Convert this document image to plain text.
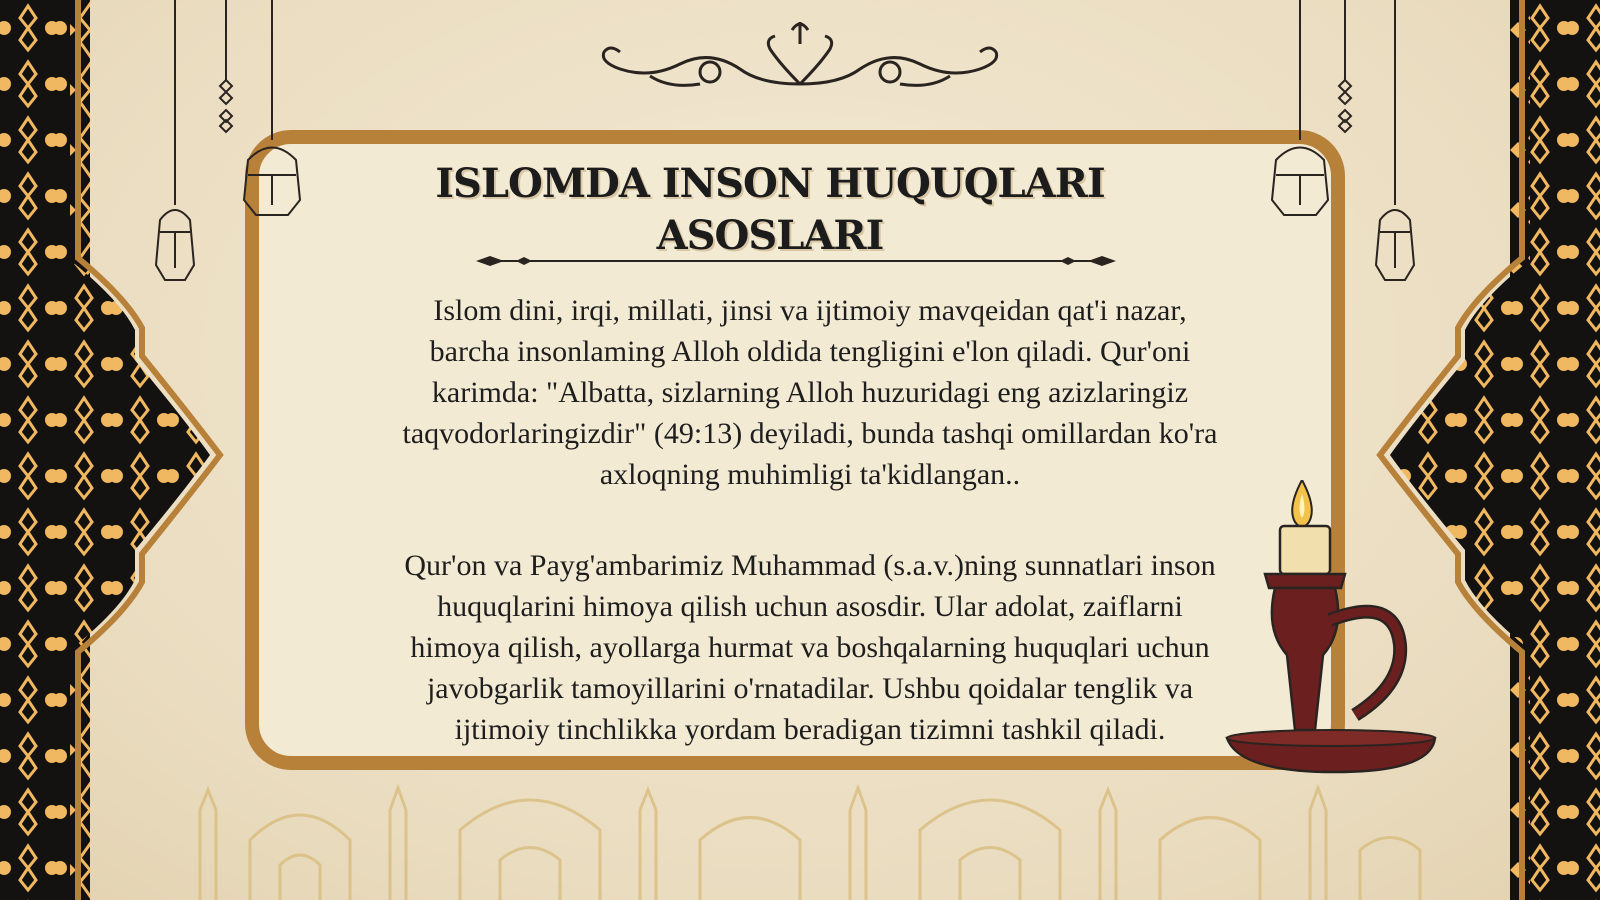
ISLOMDA INSON HUQUQLARI ASOSLARI
Islom dini, irqi, millati, jinsi va ijtimoiy mavqeidan qat'i nazar, barcha insonlaming Alloh oldida tengligini e'lon qiladi. Qur'oni karimda: "Albatta, sizlarning Alloh huzuridagi eng azizlaringiz taqvodorlaringizdir" (49:13) deyiladi, bunda tashqi omillardan ko'ra axloqning muhimligi ta'kidlangan..
Qur'on va Payg'ambarimiz Muhammad (s.a.v.)ning sunnatlari inson huquqlarini himoya qilish uchun asosdir. Ular adolat, zaiflarni himoya qilish, ayollarga hurmat va boshqalarning huquqlari uchun javobgarlik tamoyillarini o'rnatadilar. Ushbu qoidalar tenglik va ijtimoiy tinchlikka yordam beradigan tizimni tashkil qiladi.
